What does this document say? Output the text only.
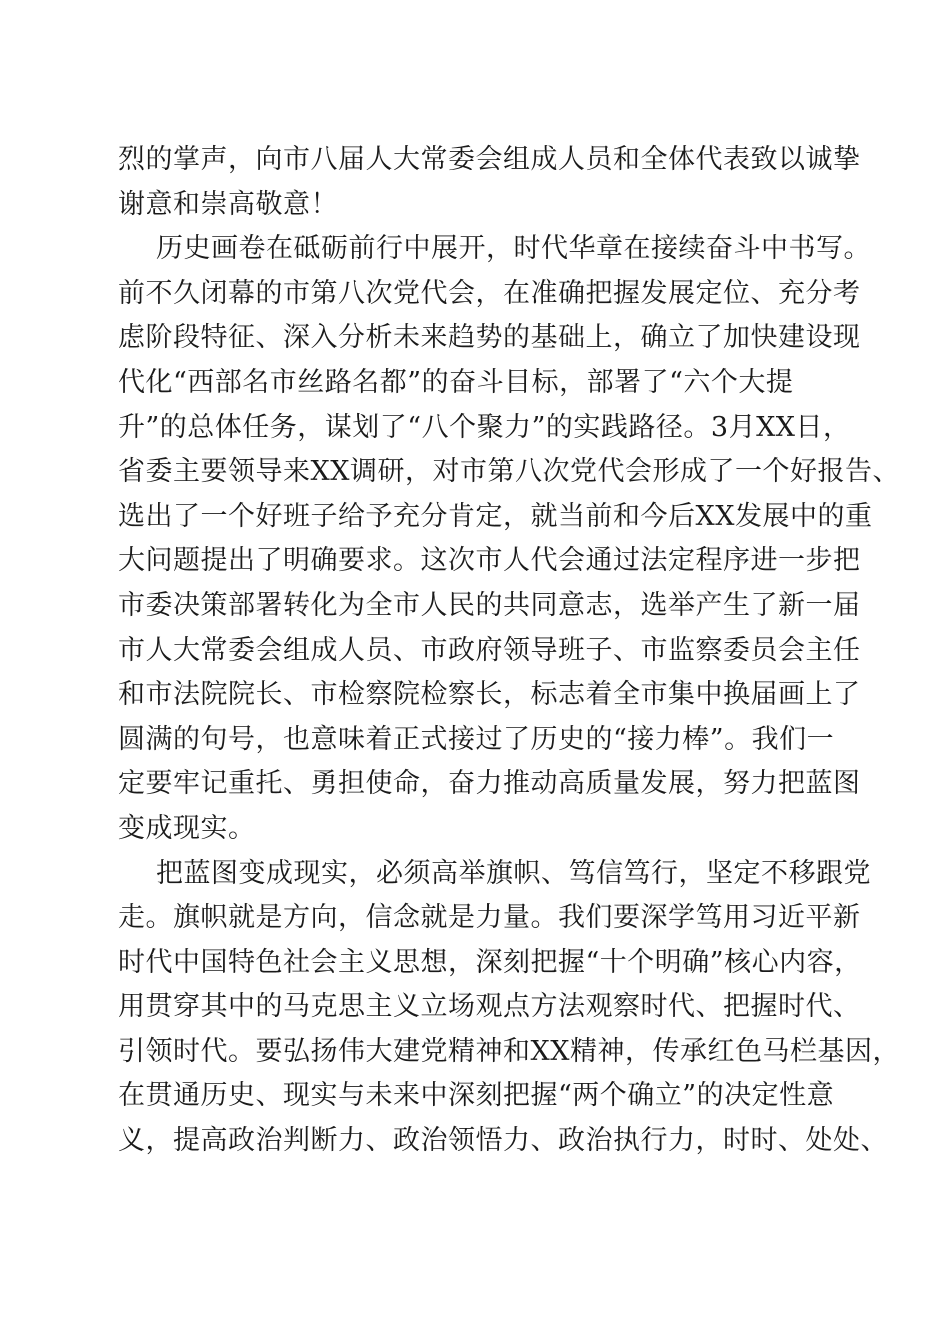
烈的掌声，向市八届人大常委会组成人员和全体代表致以诚挚
谢意和崇高敬意！
历史画卷在砥砺前行中展开，时代华章在接续奋斗中书写。
前不久闭幕的市第八次党代会，在准确把握发展定位、充分考
虑阶段特征、深入分析未来趋势的基础上，确立了加快建设现
代化“西部名市丝路名都”的奋斗目标，部署了“六个大提
升”的总体任务，谋划了“八个聚力”的实践路径。3月XX日，
省委主要领导来XX调研，对市第八次党代会形成了一个好报告、
选出了一个好班子给予充分肯定，就当前和今后XX发展中的重
大问题提出了明确要求。这次市人代会通过法定程序进一步把
市委决策部署转化为全市人民的共同意志，选举产生了新一届
市人大常委会组成人员、市政府领导班子、市监察委员会主任
和市法院院长、市检察院检察长，标志着全市集中换届画上了
圆满的句号，也意味着正式接过了历史的“接力棒”。我们一
定要牢记重托、勇担使命，奋力推动高质量发展，努力把蓝图
变成现实。
把蓝图变成现实，必须高举旗帜、笃信笃行，坚定不移跟党
走。旗帜就是方向，信念就是力量。我们要深学笃用习近平新
时代中国特色社会主义思想，深刻把握“十个明确”核心内容，
用贯穿其中的马克思主义立场观点方法观察时代、把握时代、
引领时代。要弘扬伟大建党精神和XX精神，传承红色马栏基因，
在贯通历史、现实与未来中深刻把握“两个确立”的决定性意
义，提高政治判断力、政治领悟力、政治执行力，时时、处处、
